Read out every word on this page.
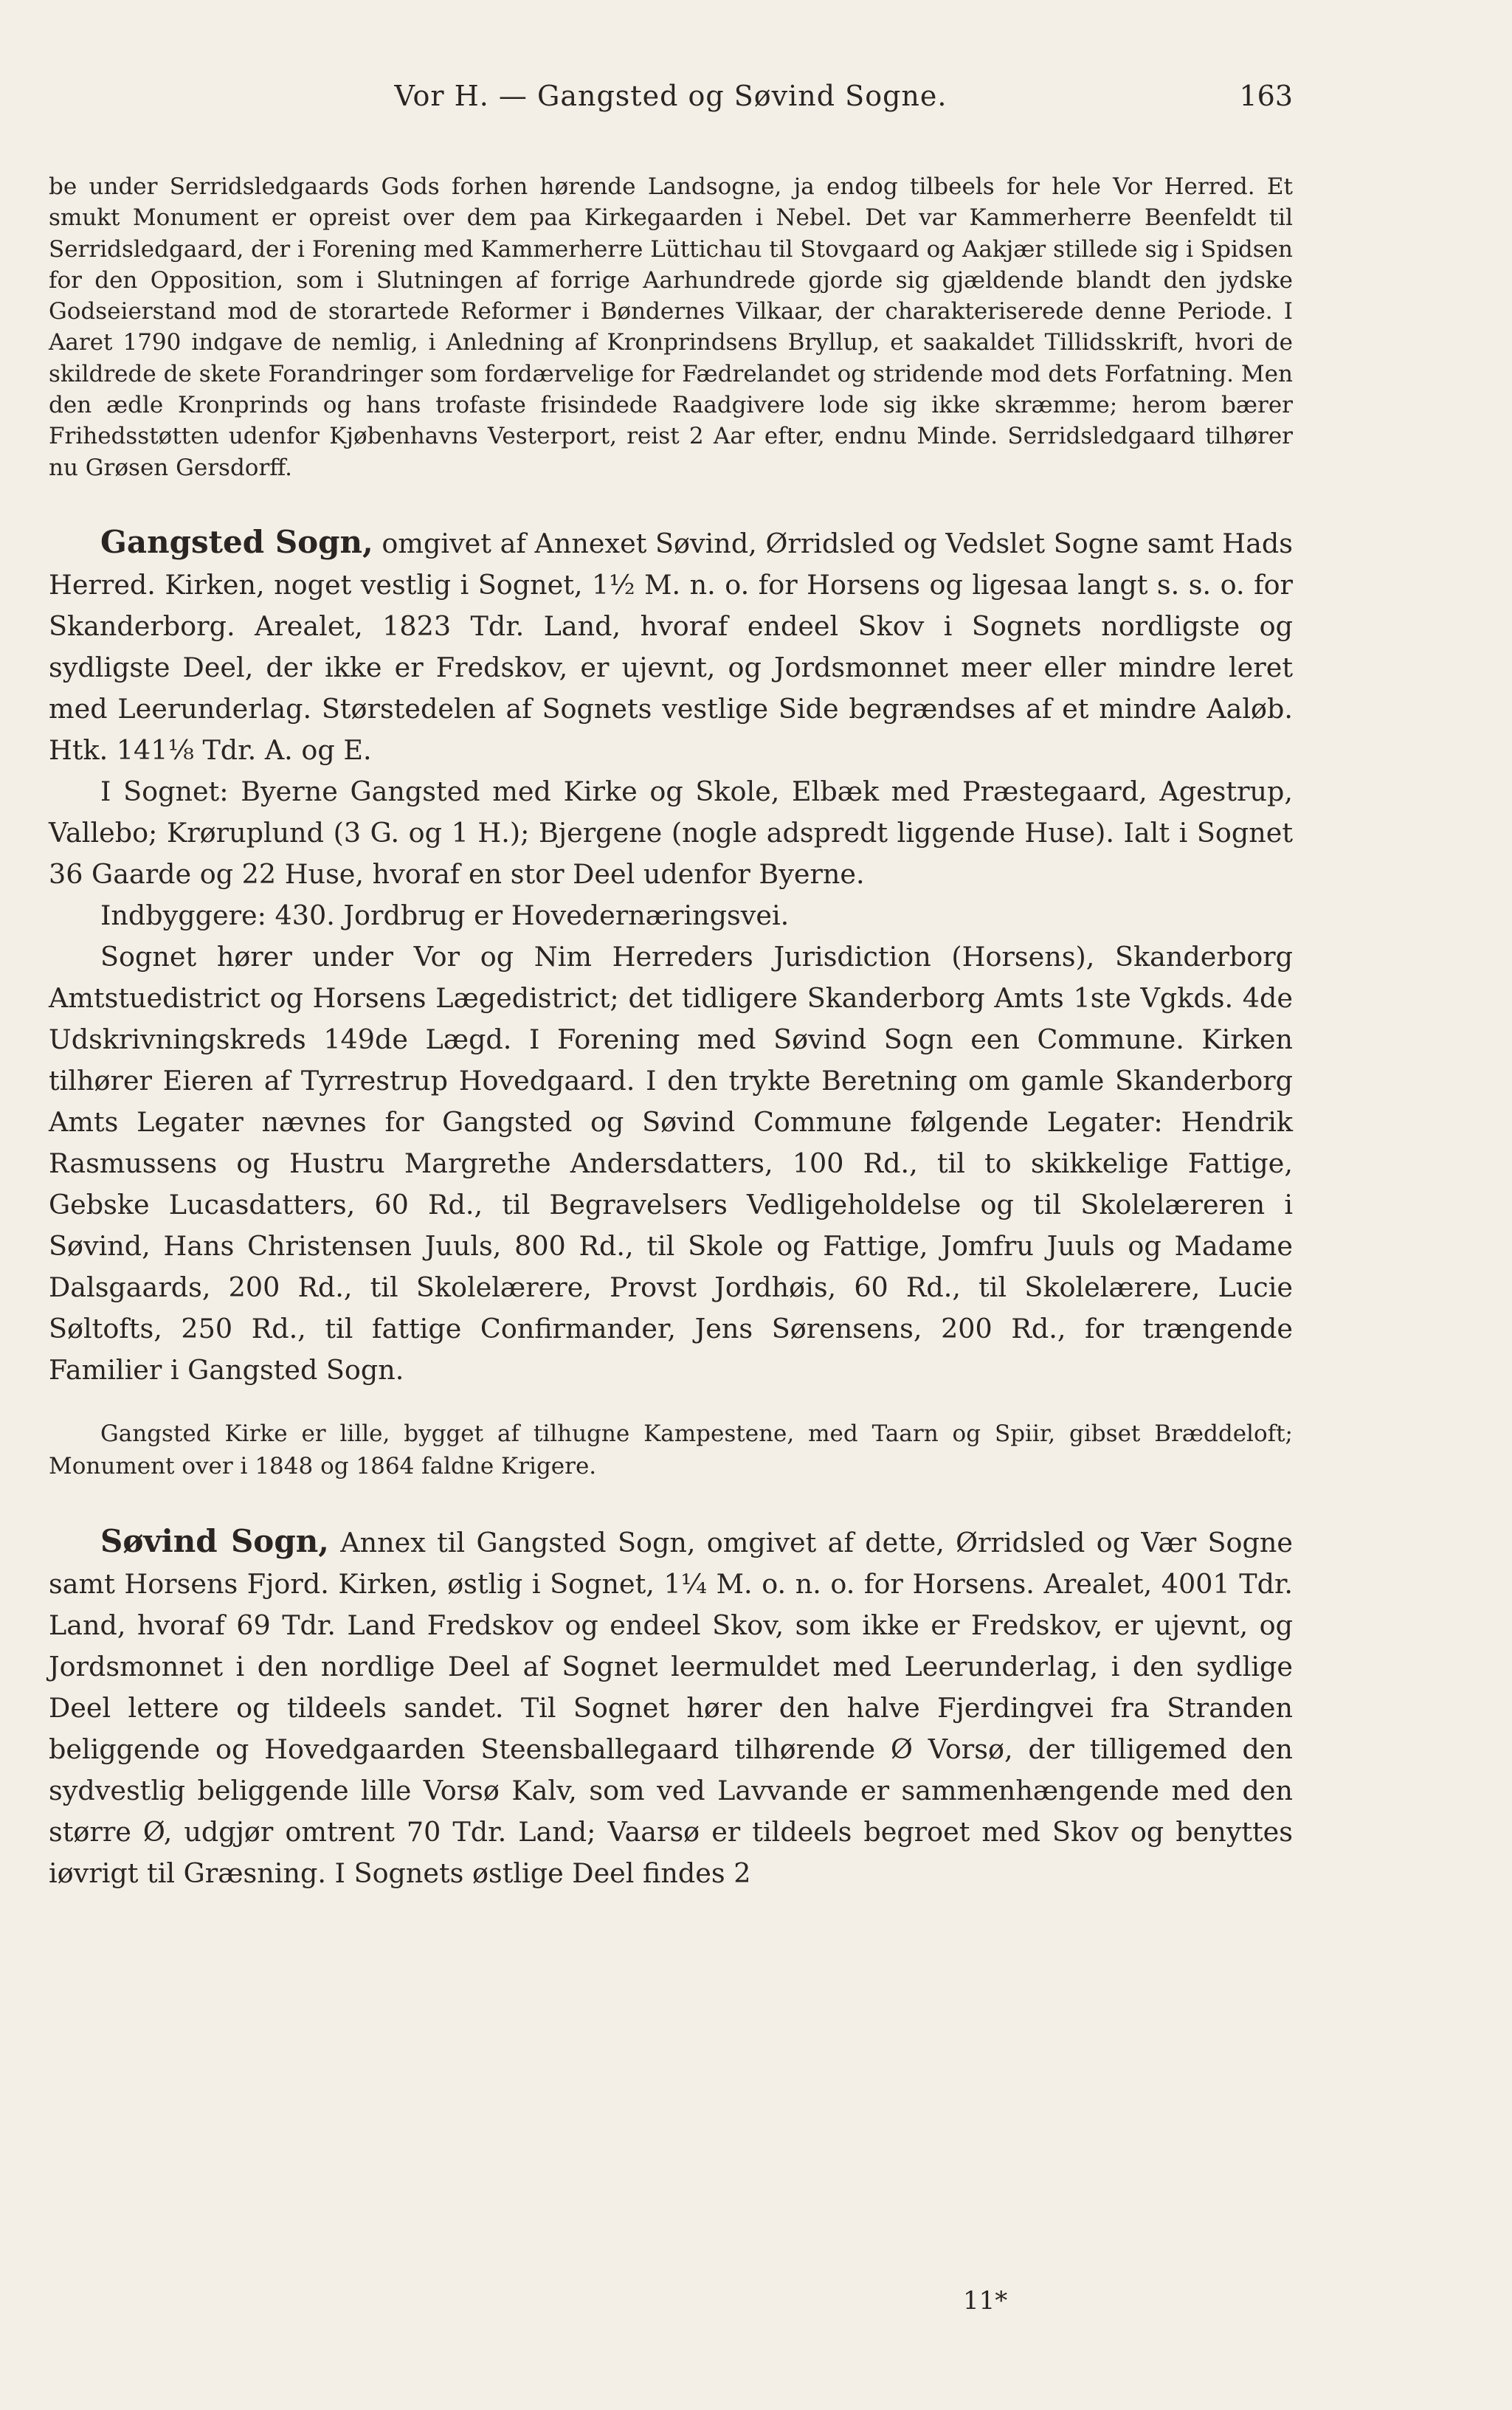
Vor H. — Gangsted og Søvind Sogne.	163

be under Serridsledgaards Gods forhen hørende Landsogne, ja endog tilbeels for hele Vor Herred. Et smukt Monument er opreist over dem paa Kirkegaarden i Nebel. Det var Kammerherre Beenfeldt til Serridsledgaard, der i Forening med Kammerherre Lüttichau til Stovgaard og Aakjær stillede sig i Spidsen for den Opposition, som i Slutningen af forrige Aarhundrede gjorde sig gjældende blandt den jydske Godseierstand mod de storartede Reformer i Bøndernes Vilkaar, der charakteriserede denne Periode. I Aaret 1790 indgave de nemlig, i Anledning af Kronprindsens Bryllup, et saakaldet Tillidsskrift, hvori de skildrede de skete Forandringer som fordærvelige for Fædrelandet og stridende mod dets Forfatning. Men den ædle Kronprinds og hans trofaste frisindede Raadgivere lode sig ikke skræmme; herom bærer Frihedsstøtten udenfor Kjøbenhavns Vesterport, reist 2 Aar efter, endnu Minde. Serridsledgaard tilhører nu Grøsen Gersdorff.

Gangsted Sogn, omgivet af Annexet Søvind, Ørridsled og Vedslet Sogne samt Hads Herred. Kirken, noget vestlig i Sognet, 1½ M. n. o. for Horsens og ligesaa langt s. s. o. for Skanderborg. Arealet, 1823 Tdr. Land, hvoraf endeel Skov i Sognets nordligste og sydligste Deel, der ikke er Fredskov, er ujevnt, og Jordsmonnet meer eller mindre leret med Leerunderlag. Størstedelen af Sognets vestlige Side begrændses af et mindre Aaløb. Htk. 141⅛ Tdr. A. og E.

I Sognet: Byerne Gangsted med Kirke og Skole, Elbæk med Præstegaard, Agestrup, Vallebo; Krøruplund (3 G. og 1 H.); Bjergene (nogle adspredt liggende Huse). Ialt i Sognet 36 Gaarde og 22 Huse, hvoraf en stor Deel udenfor Byerne.

Indbyggere: 430. Jordbrug er Hovedernæringsvei.

Sognet hører under Vor og Nim Herreders Jurisdiction (Horsens), Skanderborg Amtstuedistrict og Horsens Lægedistrict; det tidligere Skanderborg Amts 1ste Vgkds. 4de Udskrivningskreds 149de Lægd. I Forening med Søvind Sogn een Commune. Kirken tilhører Eieren af Tyrrestrup Hovedgaard. I den trykte Beretning om gamle Skanderborg Amts Legater nævnes for Gangsted og Søvind Commune følgende Legater: Hendrik Rasmussens og Hustru Margrethe Andersdatters, 100 Rd., til to skikkelige Fattige, Gebske Lucasdatters, 60 Rd., til Begravelsers Vedligeholdelse og til Skolelæreren i Søvind, Hans Christensen Juuls, 800 Rd., til Skole og Fattige, Jomfru Juuls og Madame Dalsgaards, 200 Rd., til Skolelærere, Provst Jordhøis, 60 Rd., til Skolelærere, Lucie Søltofts, 250 Rd., til fattige Confirmander, Jens Sørensens, 200 Rd., for trængende Familier i Gangsted Sogn.

Gangsted Kirke er lille, bygget af tilhugne Kampestene, med Taarn og Spiir, gibset Bræddeloft; Monument over i 1848 og 1864 faldne Krigere.

Søvind Sogn, Annex til Gangsted Sogn, omgivet af dette, Ørridsled og Vær Sogne samt Horsens Fjord. Kirken, østlig i Sognet, 1¼ M. o. n. o. for Horsens. Arealet, 4001 Tdr. Land, hvoraf 69 Tdr. Land Fredskov og endeel Skov, som ikke er Fredskov, er ujevnt, og Jordsmonnet i den nordlige Deel af Sognet leermuldet med Leerunderlag, i den sydlige Deel lettere og tildeels sandet. Til Sognet hører den halve Fjerdingvei fra Stranden beliggende og Hovedgaarden Steensballegaard tilhørende Ø Vorsø, der tilligemed den sydvestlig beliggende lille Vorsø Kalv, som ved Lavvande er sammenhængende med den større Ø, udgjør omtrent 70 Tdr. Land; Vaarsø er tildeels begroet med Skov og benyttes iøvrigt til Græsning. I Sognets østlige Deel findes 2

11*
